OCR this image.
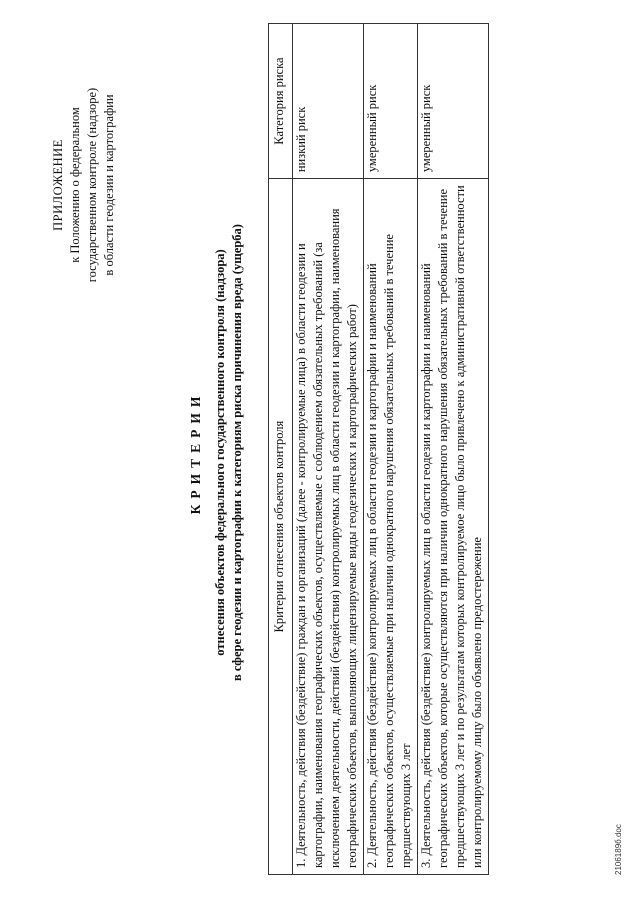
ПРИЛОЖЕНИЕ к Положению о федеральном государственном контроле (надзоре) в области геодезии и картографии
КРИТЕРИИ отнесения объектов федерального государственного контроля (надзора) в сфере геодезии и картографии к категориям риска причинения вреда (ущерба) Критерии отнесения объектов контроля	Категория риска
1. Деятельность, действия (бездействие) граждан и организаций (далее - контролируемые лица) в области геодезии и картографии, наименования географических объектов, осуществляемые с соблюдением обязательных требований (за исключением деятельности, действий (бездействия) контролируемых лиц в области геодезии и картографии, наименования географических объектов, выполняющих лицензируемые виды геодезических и картографических работ)	низкий риск
2. Деятельность, действия (бездействие) контролируемых лиц в области геодезии и картографии и наименований географических объектов, осуществляемые при наличии однократного нарушения обязательных требований в течение предшествующих 3 лет	умеренный риск
3. Деятельность, действия (бездействие) контролируемых лиц в области геодезии и картографии и наименований географических объектов, которые осуществляются при наличии однократного нарушения обязательных требований в течение предшествующих 3 лет и по результатам которых контролируемое лицо было привлечено к административной ответственности или контролируемому лицу было объявлено предостережение	умеренный риск
2106189б.doc
